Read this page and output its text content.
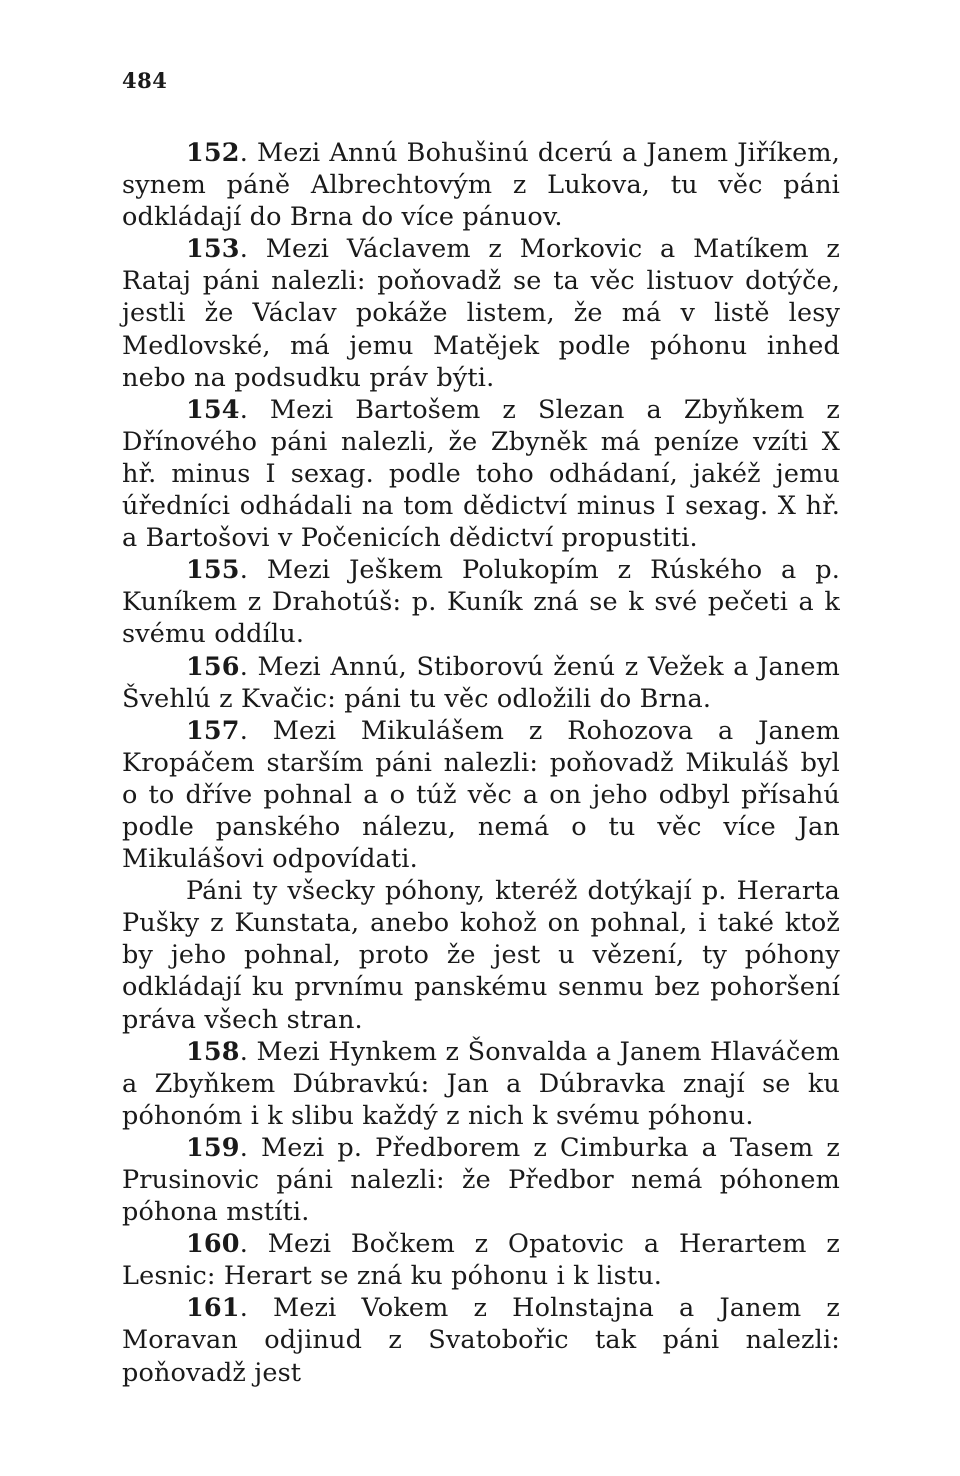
484

152. Mezi Annú Bohušinú dcerú a Janem Jiříkem, synem páně Albrechtovým z Lukova, tu věc páni odkládají do Brna do více pánuov.

153. Mezi Václavem z Morkovic a Matíkem z Rataj páni nalezli: poňovadž se ta věc listuov dotýče, jestli že Václav pokáže listem, že má v listě lesy Medlovské, má jemu Matějek podle póhonu inhed nebo na podsudku práv býti.

154. Mezi Bartošem z Slezan a Zbyňkem z Dřínového páni nalezli, že Zbyněk má peníze vzíti X hř. minus I sexag. podle toho odhádaní, jakéž jemu úředníci odhádali na tom dědictví minus I sexag. X hř. a Bartošovi v Počenicích dědictví propustiti.

155. Mezi Ješkem Polukopím z Rúského a p. Kuníkem z Drahotúš: p. Kuník zná se k své pečeti a k svému oddílu.

156. Mezi Annú, Stiborovú ženú z Vežek a Janem Švehlú z Kvačic: páni tu věc odložili do Brna.

157. Mezi Mikulášem z Rohozova a Janem Kropáčem starším páni nalezli: poňovadž Mikuláš byl o to dříve pohnal a o túž věc a on jeho odbyl přísahú podle panského nálezu, nemá o tu věc více Jan Mikulášovi odpovídati.

Páni ty všecky póhony, kteréž dotýkají p. Herarta Pušky z Kunstata, anebo kohož on pohnal, i také ktož by jeho pohnal, proto že jest u vězení, ty póhony odkládají ku prvnímu panskému senmu bez pohoršení práva všech stran.

158. Mezi Hynkem z Šonvalda a Janem Hlaváčem a Zbyňkem Dúbravkú: Jan a Dúbravka znají se ku póhonóm i k slibu každý z nich k svému póhonu.

159. Mezi p. Předborem z Cimburka a Tasem z Prusinovic páni nalezli: že Předbor nemá póhonem póhona mstíti.

160. Mezi Bočkem z Opatovic a Herartem z Lesnic: Herart se zná ku póhonu i k listu.

161. Mezi Vokem z Holnstajna a Janem z Moravan odjinud z Svatobořic tak páni nalezli: poňovadž jest
